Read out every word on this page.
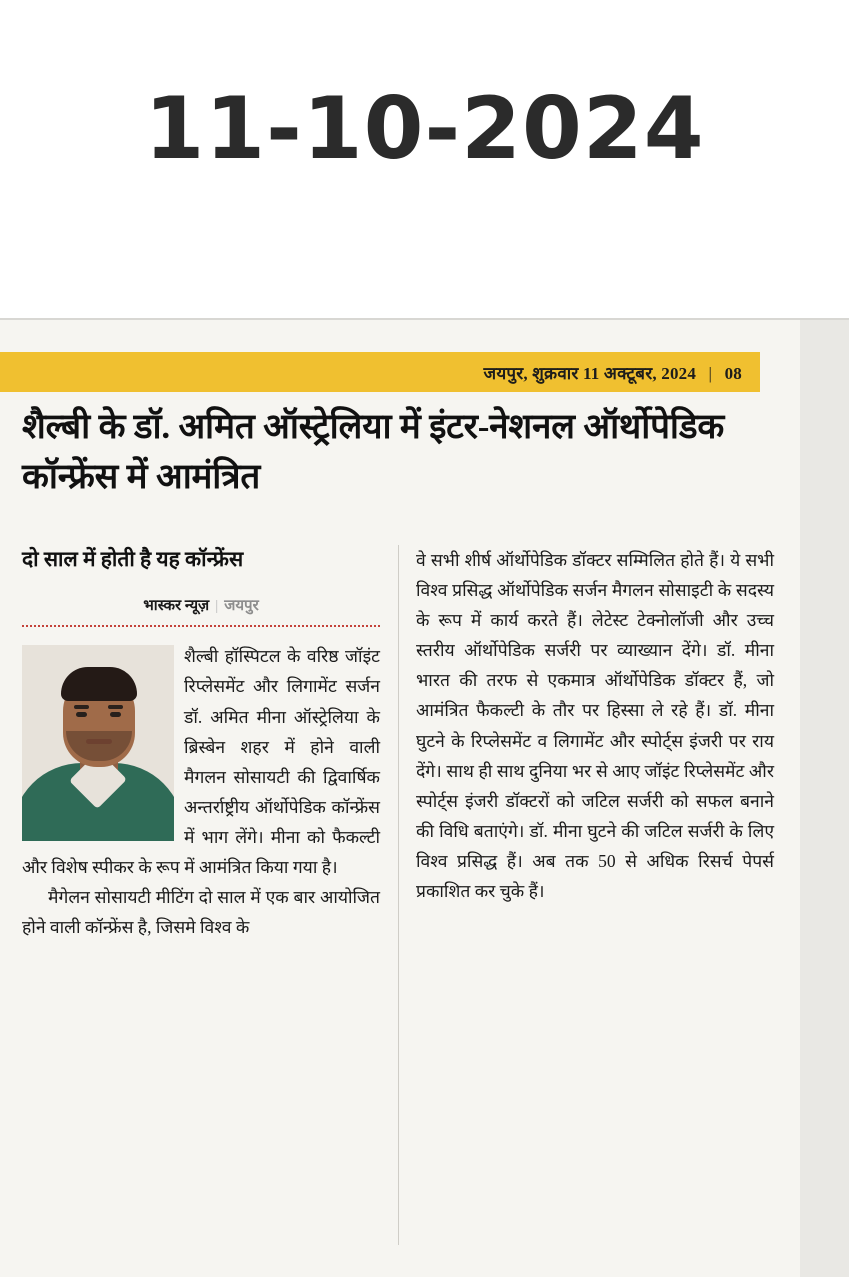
11-10-2024
जयपुर, शुक्रवार 11 अक्टूबर, 2024 | 08
शैल्बी के डॉ. अमित ऑस्ट्रेलिया में इंटर-नेशनल ऑर्थोपेडिक कॉन्फ्रेंस में आमंत्रित
दो साल में होती है यह कॉन्फ्रेंस
भास्कर न्यूज़ | जयपुर

शैल्बी हॉस्पिटल के वरिष्ठ जॉइंट रिप्लेसमेंट और लिगामेंट सर्जन डॉ. अमित मीना ऑस्ट्रेलिया के ब्रिस्बेन शहर में होने वाली मैगलन सोसायटी की द्विवार्षिक अन्तर्राष्ट्रीय ऑर्थोपेडिक कॉन्फ्रेंस में भाग लेंगे। मीना को फैकल्टी और विशेष स्पीकर के रूप में आमंत्रित किया गया है।

मैगेलन सोसायटी मीटिंग दो साल में एक बार आयोजित होने वाली कॉन्फ्रेंस है, जिसमे विश्व के

वे सभी शीर्ष ऑर्थोपेडिक डॉक्टर सम्मिलित होते हैं। ये सभी विश्व प्रसिद्ध ऑर्थोपेडिक सर्जन मैगलन सोसाइटी के सदस्य के रूप में कार्य करते हैं। लेटेस्ट टेक्नोलॉजी और उच्च स्तरीय ऑर्थोपेडिक सर्जरी पर व्याख्यान देंगे। डॉ. मीना भारत की तरफ से एकमात्र ऑर्थोपेडिक डॉक्टर हैं, जो आमंत्रित फैकल्टी के तौर पर हिस्सा ले रहे हैं। डॉ. मीना घुटने के रिप्लेसमेंट व लिगामेंट और स्पोर्ट्स इंजरी पर राय देंगे। साथ ही साथ दुनिया भर से आए जॉइंट रिप्लेसमेंट और स्पोर्ट्स इंजरी डॉक्टरों को जटिल सर्जरी को सफल बनाने की विधि बताएंगे। डॉ. मीना घुटने की जटिल सर्जरी के लिए विश्व प्रसिद्ध हैं। अब तक 50 से अधिक रिसर्च पेपर्स प्रकाशित कर चुके हैं।
